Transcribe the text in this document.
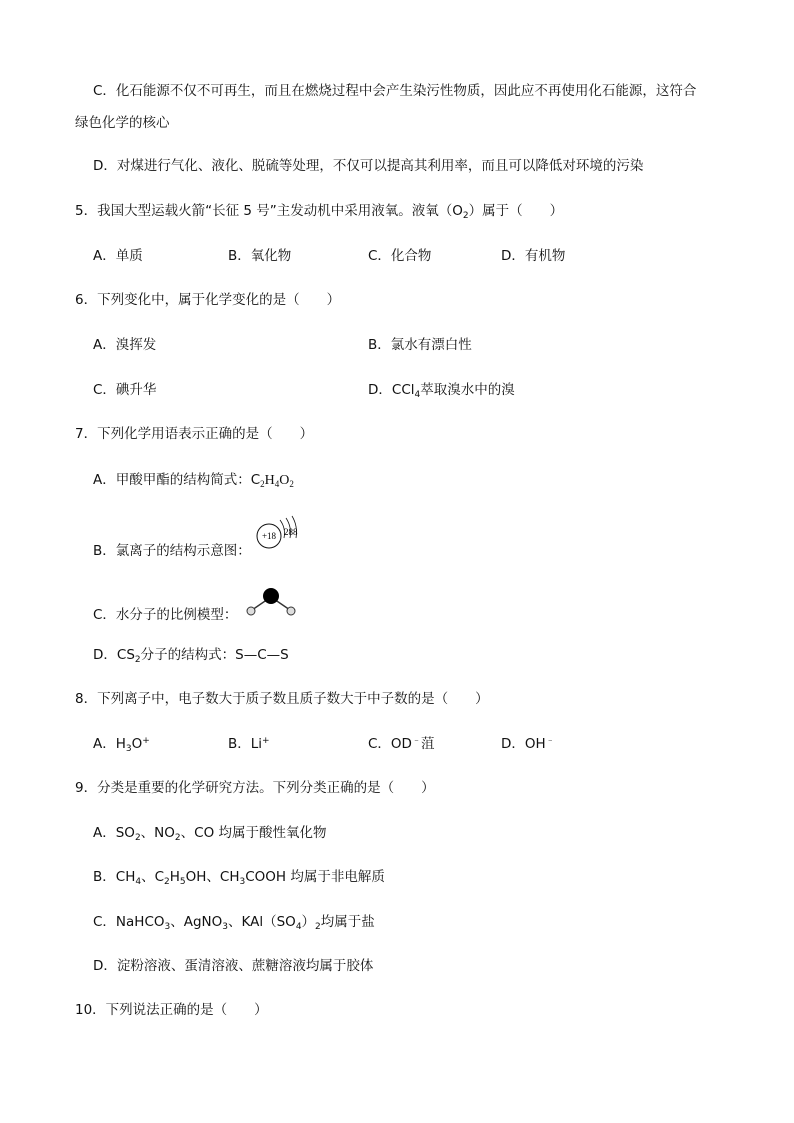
C．化石能源不仅不可再生，而且在燃烧过程中会产生染污性物质，因此应不再使用化石能源，这符合
绿色化学的核心
D．对煤进行气化、液化、脱硫等处理，不仅可以提高其利用率，而且可以降低对环境的污染
5．我国大型运载火箭“长征 5 号”主发动机中采用液氧。液氧$(O_2)$属于（　　）
A．单质	B．氧化物	C．化合物	D．有机物
6．下列变化中，属于化学变化的是（　　）
A．溴挥发	B．氯水有漂白性
C．碘升华	D．CCl$_4$萃取溴水中的溴
7．下列化学用语表示正确的是（　　）
A．甲酸甲酯的结构简式：$C_2H_4O_2$
B．氯离子的结构示意图：
+18 288
C．水分子的比例模型：
D．$CS_2$分子的结构式：S—C—S
8．下列离子中，电子数大于质子数且质子数大于中子数的是（　　）
A．$H_3O^+$	B．Li+	C．OD﹣菹	D．OH﹣
9．分类是重要的化学研究方法。下列分类正确的是（　　）
A．$SO_2$、$NO_2$、CO 均属于酸性氧化物
B．$CH_4$、$C_2H_5OH$、$CH_3COOH$ 均属于非电解质
C．NaHCO$_3$、AgNO$_3$、$KAl(SO_4)_2$均属于盐
D．淀粉溶液、蛋清溶液、蔗糖溶液均属于胶体
10．下列说法正确的是（　　）
